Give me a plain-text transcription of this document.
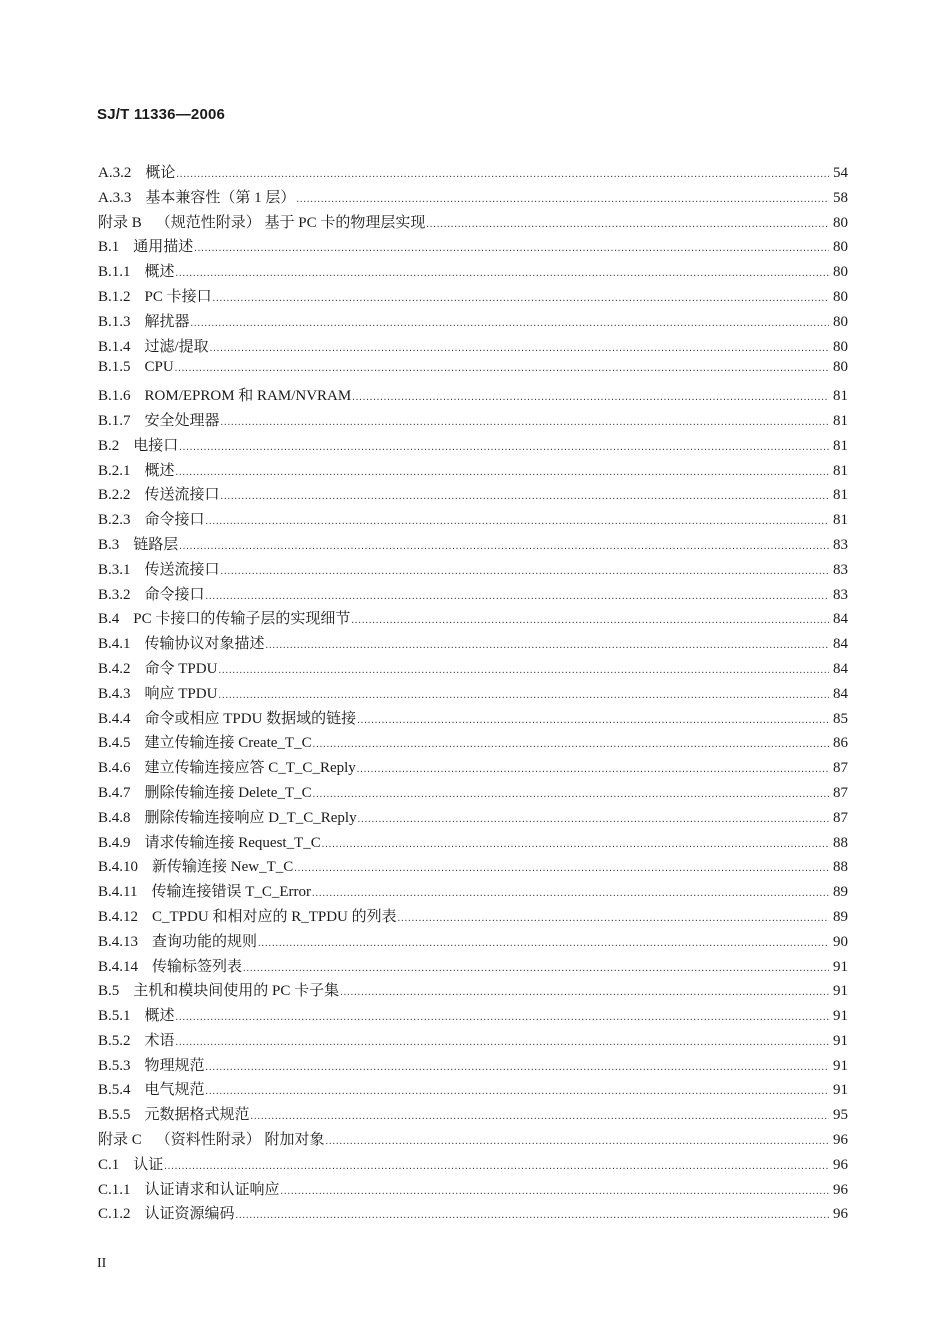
SJ/T 11336—2006
A.3.2 概论 .....	54
A.3.3 基本兼容性（第 1 层） .....	58
附录 B （规范性附录） 基于 PC 卡的物理层实现 .....	80
B.1 通用描述 .....	80
B.1.1 概述 .....	80
B.1.2 PC 卡接口 .....	80
B.1.3 解扰器 .....	80
B.1.4 过滤/提取 .....	80
B.1.5 CPU .....	80
B.1.6 ROM/EPROM 和 RAM/NVRAM .....	81
B.1.7 安全处理器 .....	81
B.2 电接口 .....	81
B.2.1 概述 .....	81
B.2.2 传送流接口 .....	81
B.2.3 命令接口 .....	81
B.3 链路层 .....	83
B.3.1 传送流接口 .....	83
B.3.2 命令接口 .....	83
B.4 PC 卡接口的传输子层的实现细节 .....	84
B.4.1 传输协议对象描述 .....	84
B.4.2 命令 TPDU .....	84
B.4.3 响应 TPDU .....	84
B.4.4 命令或相应 TPDU 数据域的链接 .....	85
B.4.5 建立传输连接 Create_T_C .....	86
B.4.6 建立传输连接应答 C_T_C_Reply .....	87
B.4.7 删除传输连接 Delete_T_C .....	87
B.4.8 删除传输连接响应 D_T_C_Reply .....	87
B.4.9 请求传输连接 Request_T_C .....	88
B.4.10 新传输连接 New_T_C .....	88
B.4.11 传输连接错误 T_C_Error .....	89
B.4.12 C_TPDU 和相对应的 R_TPDU 的列表 .....	89
B.4.13 查询功能的规则 .....	90
B.4.14 传输标签列表 .....	91
B.5 主机和模块间使用的 PC 卡子集 .....	91
B.5.1 概述 .....	91
B.5.2 术语 .....	91
B.5.3 物理规范 .....	91
B.5.4 电气规范 .....	91
B.5.5 元数据格式规范 .....	95
附录 C （资料性附录） 附加对象 .....	96
C.1 认证 .....	96
C.1.1 认证请求和认证响应 .....	96
C.1.2 认证资源编码 .....	96
II
